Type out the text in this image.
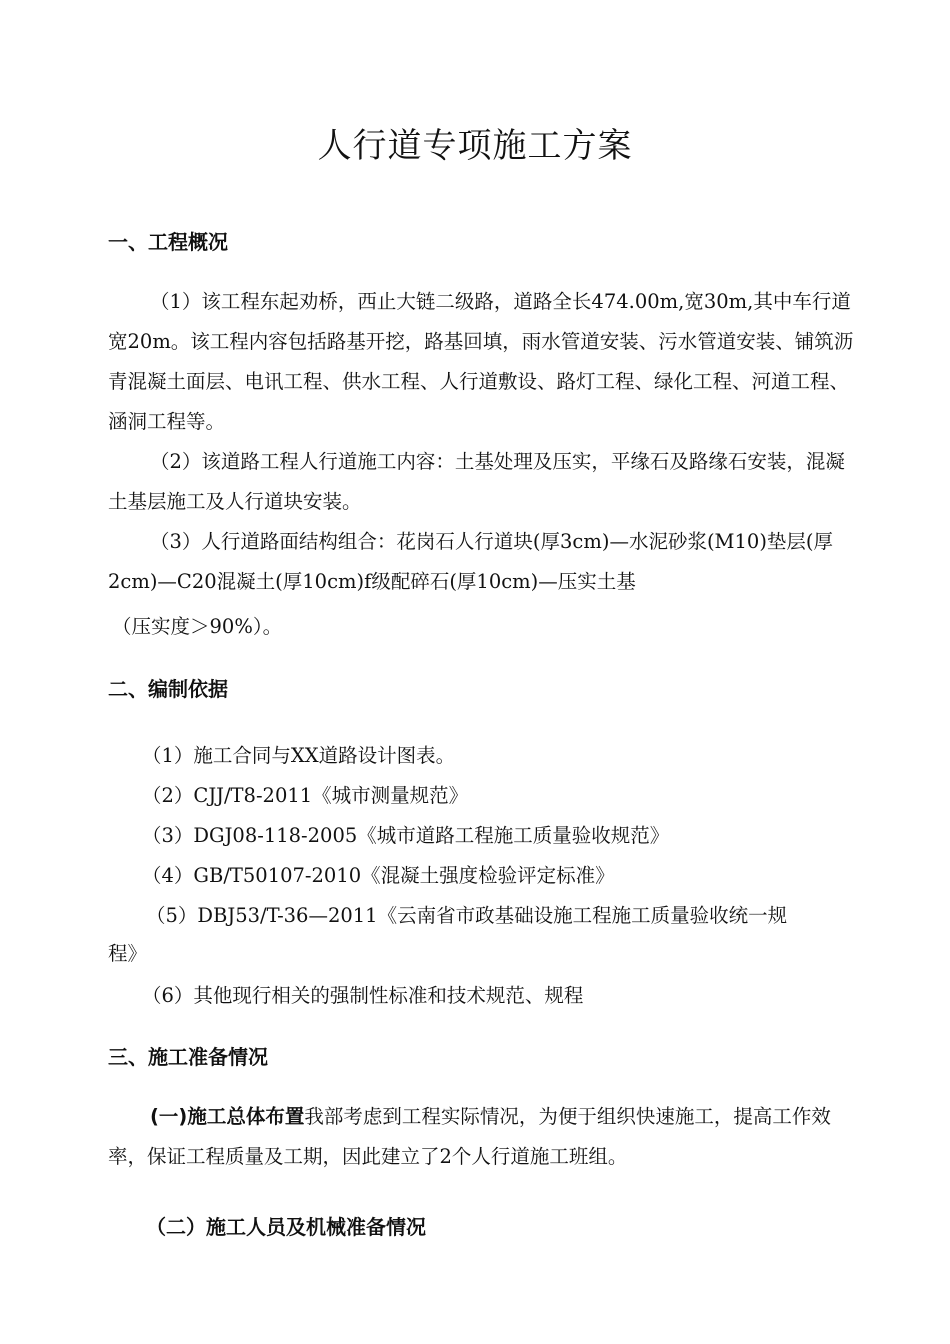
人行道专项施工方案
一、工程概况
（1）该工程东起劝桥，西止大链二级路，道路全长474.00m,宽30m,其中车行道宽20m。该工程内容包括路基开挖，路基回填，雨水管道安装、污水管道安装、铺筑沥青混凝土面层、电讯工程、供水工程、人行道敷设、路灯工程、绿化工程、河道工程、涵洞工程等。
（2）该道路工程人行道施工内容：土基处理及压实，平缘石及路缘石安装，混凝土基层施工及人行道块安装。
（3）人行道路面结构组合：花岗石人行道块(厚3cm)—水泥砂浆(M10)垫层(厚2cm)—C20混凝土(厚10cm)f级配碎石(厚10cm)—压实土基
（压实度＞90%）。
二、编制依据
（1）施工合同与XX道路设计图表。
（2）CJJ/T8-2011《城市测量规范》
（3）DGJ08-118-2005《城市道路工程施工质量验收规范》
（4）GB/T50107-2010《混凝土强度检验评定标准》
（5）DBJ53/T-36—2011《云南省市政基础设施工程施工质量验收统一规
程》
（6）其他现行相关的强制性标准和技术规范、规程
三、施工准备情况
(一)施工总体布置我部考虑到工程实际情况，为便于组织快速施工，提高工作效率，保证工程质量及工期，因此建立了2个人行道施工班组。
（二）施工人员及机械准备情况
